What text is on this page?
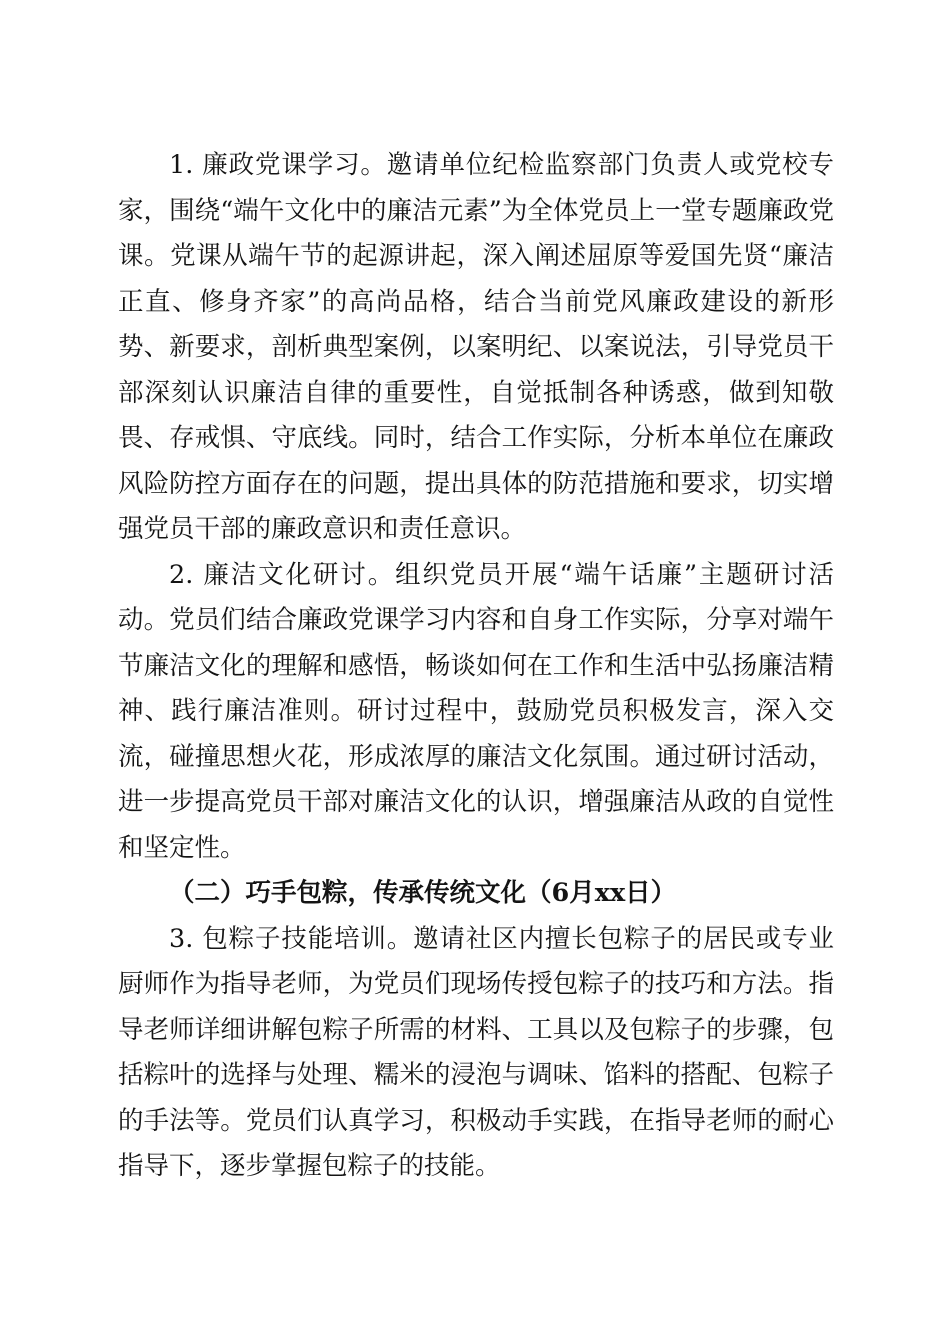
1. 廉政党课学习。邀请单位纪检监察部门负责人或党校专家，围绕“端午文化中的廉洁元素”为全体党员上一堂专题廉政党课。党课从端午节的起源讲起，深入阐述屈原等爱国先贤“廉洁正直、修身齐家”的高尚品格，结合当前党风廉政建设的新形势、新要求，剖析典型案例，以案明纪、以案说法，引导党员干部深刻认识廉洁自律的重要性，自觉抵制各种诱惑，做到知敬畏、存戒惧、守底线。同时，结合工作实际，分析本单位在廉政风险防控方面存在的问题，提出具体的防范措施和要求，切实增强党员干部的廉政意识和责任意识。

2. 廉洁文化研讨。组织党员开展“端午话廉”主题研讨活动。党员们结合廉政党课学习内容和自身工作实际，分享对端午节廉洁文化的理解和感悟，畅谈如何在工作和生活中弘扬廉洁精神、践行廉洁准则。研讨过程中，鼓励党员积极发言，深入交流，碰撞思想火花，形成浓厚的廉洁文化氛围。通过研讨活动，进一步提高党员干部对廉洁文化的认识，增强廉洁从政的自觉性和坚定性。

（二）巧手包粽，传承传统文化（6月xx日）

3. 包粽子技能培训。邀请社区内擅长包粽子的居民或专业厨师作为指导老师，为党员们现场传授包粽子的技巧和方法。指导老师详细讲解包粽子所需的材料、工具以及包粽子的步骤，包括粽叶的选择与处理、糯米的浸泡与调味、馅料的搭配、包粽子的手法等。党员们认真学习，积极动手实践，在指导老师的耐心指导下，逐步掌握包粽子的技能。
